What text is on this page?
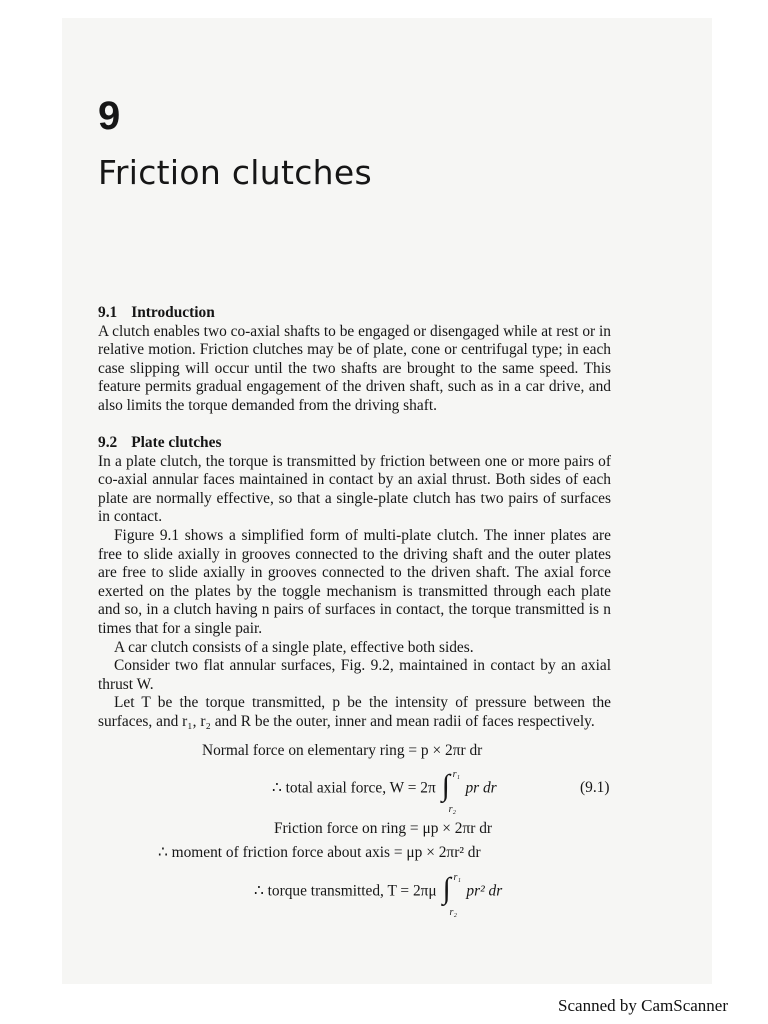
9
Friction clutches
9.1 Introduction

A clutch enables two co-axial shafts to be engaged or disengaged while at rest or in relative motion. Friction clutches may be of plate, cone or centrifugal type; in each case slipping will occur until the two shafts are brought to the same speed. This feature permits gradual engagement of the driven shaft, such as in a car drive, and also limits the torque demanded from the driving shaft.

9.2 Plate clutches

In a plate clutch, the torque is transmitted by friction between one or more pairs of co-axial annular faces maintained in contact by an axial thrust. Both sides of each plate are normally effective, so that a single-plate clutch has two pairs of surfaces in contact.

Figure 9.1 shows a simplified form of multi-plate clutch. The inner plates are free to slide axially in grooves connected to the driving shaft and the outer plates are free to slide axially in grooves connected to the driven shaft. The axial force exerted on the plates by the toggle mechanism is transmitted through each plate and so, in a clutch having n pairs of surfaces in contact, the torque transmitted is n times that for a single pair.

A car clutch consists of a single plate, effective both sides.

Consider two flat annular surfaces, Fig. 9.2, maintained in contact by an axial thrust W.

Let T be the torque transmitted, p be the intensity of pressure between the surfaces, and r₁, r₂ and R be the outer, inner and mean radii of faces respectively.

Normal force on elementary ring = p × 2πr dr
∴ total axial force, W = 2π ∫ r₁
r₂
pr dr	(9.1)
Friction force on ring = μp × 2πr dr
∴ moment of friction force about axis = μp × 2πr² dr
∴ torque transmitted, T = 2πμ ∫ r₁
r₂
pr² dr
Scanned by CamScanner
